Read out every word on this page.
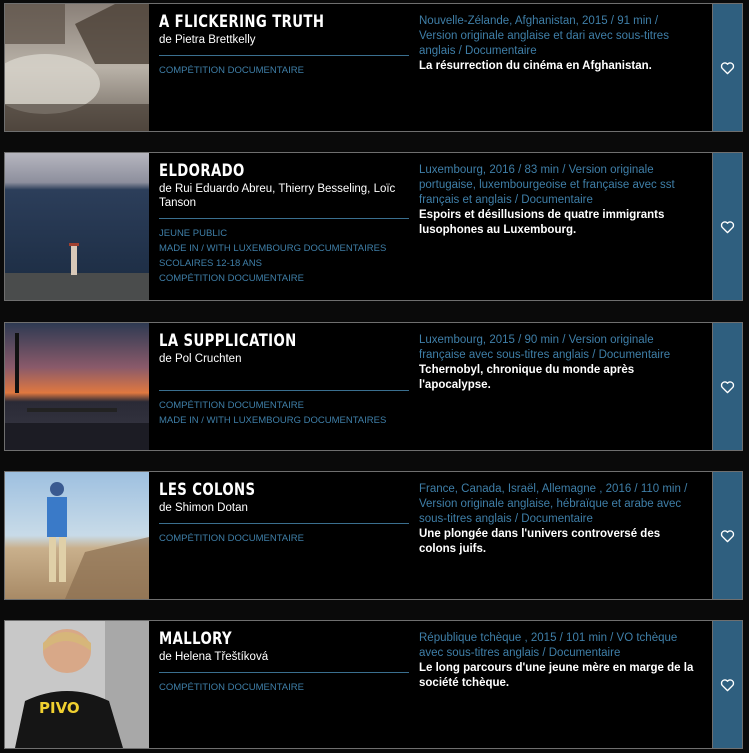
A FLICKERING TRUTH
de Pietra Brettkelly
COMPÉTITION DOCUMENTAIRE
Nouvelle-Zélande, Afghanistan, 2015 / 91 min / Version originale anglaise et dari avec sous-titres anglais / Documentaire
La résurrection du cinéma en Afghanistan.
ELDORADO
de Rui Eduardo Abreu, Thierry Besseling, Loïc Tanson
JEUNE PUBLIC
MADE IN / WITH LUXEMBOURG DOCUMENTAIRES
SCOLAIRES 12-18 ANS
COMPÉTITION DOCUMENTAIRE
Luxembourg, 2016 / 83 min / Version originale portugaise, luxembourgeoise et française avec sst français et anglais / Documentaire
Espoirs et désillusions de quatre immigrants lusophones au Luxembourg.
LA SUPPLICATION
de Pol Cruchten
COMPÉTITION DOCUMENTAIRE
MADE IN / WITH LUXEMBOURG DOCUMENTAIRES
Luxembourg, 2015 / 90 min / Version originale française avec sous-titres anglais / Documentaire
Tchernobyl, chronique du monde après l'apocalypse.
LES COLONS
de Shimon Dotan
COMPÉTITION DOCUMENTAIRE
France, Canada, Israël, Allemagne , 2016 / 110 min / Version originale anglaise, hébraïque et arabe avec sous-titres anglais / Documentaire
Une plongée dans l'univers controversé des colons juifs.
PIVO
MALLORY
de Helena Třeštíková
COMPÉTITION DOCUMENTAIRE
République tchèque , 2015 / 101 min / VO tchèque avec sous-titres anglais / Documentaire
Le long parcours d'une jeune mère en marge de la société tchèque.
